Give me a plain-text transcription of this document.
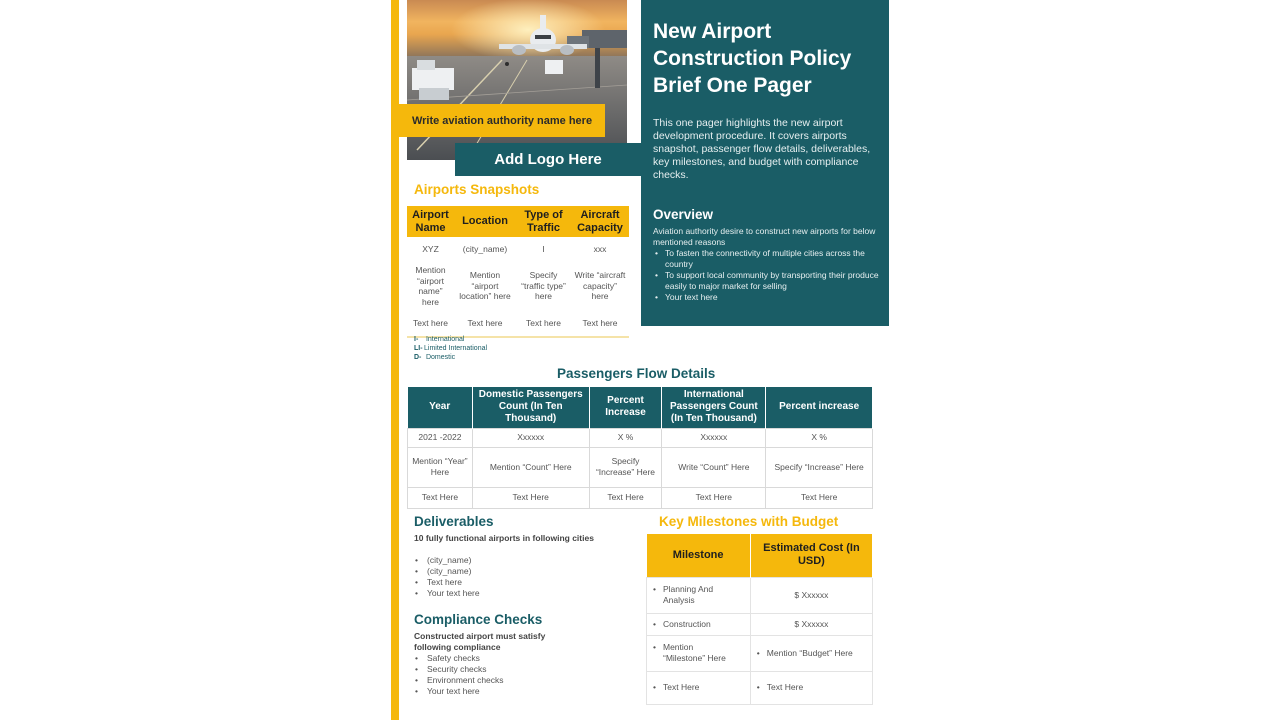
New Airport Construction Policy Brief One Pager
This one pager highlights the new airport development procedure. It covers airports snapshot, passenger flow details, deliverables, key milestones, and budget with compliance checks.
Overview
Aviation authority desire to construct new airports for below mentioned reasons
• To fasten the connectivity of multiple cities across the country
• To support local community by transporting their produce easily to major market for selling
• Your text here
Write aviation authority name here
Add Logo Here
Airports Snapshots
Airport Name	Location	Type of Traffic	Aircraft Capacity
XYZ	(city_name)	I	xxx
Mention “airport name” here	Mention “airport location” here	Specify “traffic type” here	Write “aircraft capacity” here
Text here	Text here	Text here	Text here
I- International
LI-Limited International
D- Domestic
Passengers Flow Details
Year	Domestic Passengers Count (In Ten Thousand)	Percent Increase	International Passengers Count (In Ten Thousand)	Percent increase
2021 -2022	Xxxxxx	X %	Xxxxxx	X %
Mention “Year” Here	Mention “Count” Here	Specify “Increase” Here	Write “Count” Here	Specify “Increase” Here
Text Here	Text Here	Text Here	Text Here	Text Here
Deliverables
10 fully functional airports in following cities
• (city_name)
• (city_name)
• Text here
• Your text here
Compliance Checks
Constructed airport must satisfy following compliance
• Safety checks
• Security checks
• Environment checks
• Your text here
Key Milestones with Budget
Milestone	Estimated Cost (In USD)
• Planning And Analysis	$ Xxxxxx
• Construction	$ Xxxxxx
• Mention “Milestone” Here	• Mention “Budget” Here
• Text Here	• Text Here
